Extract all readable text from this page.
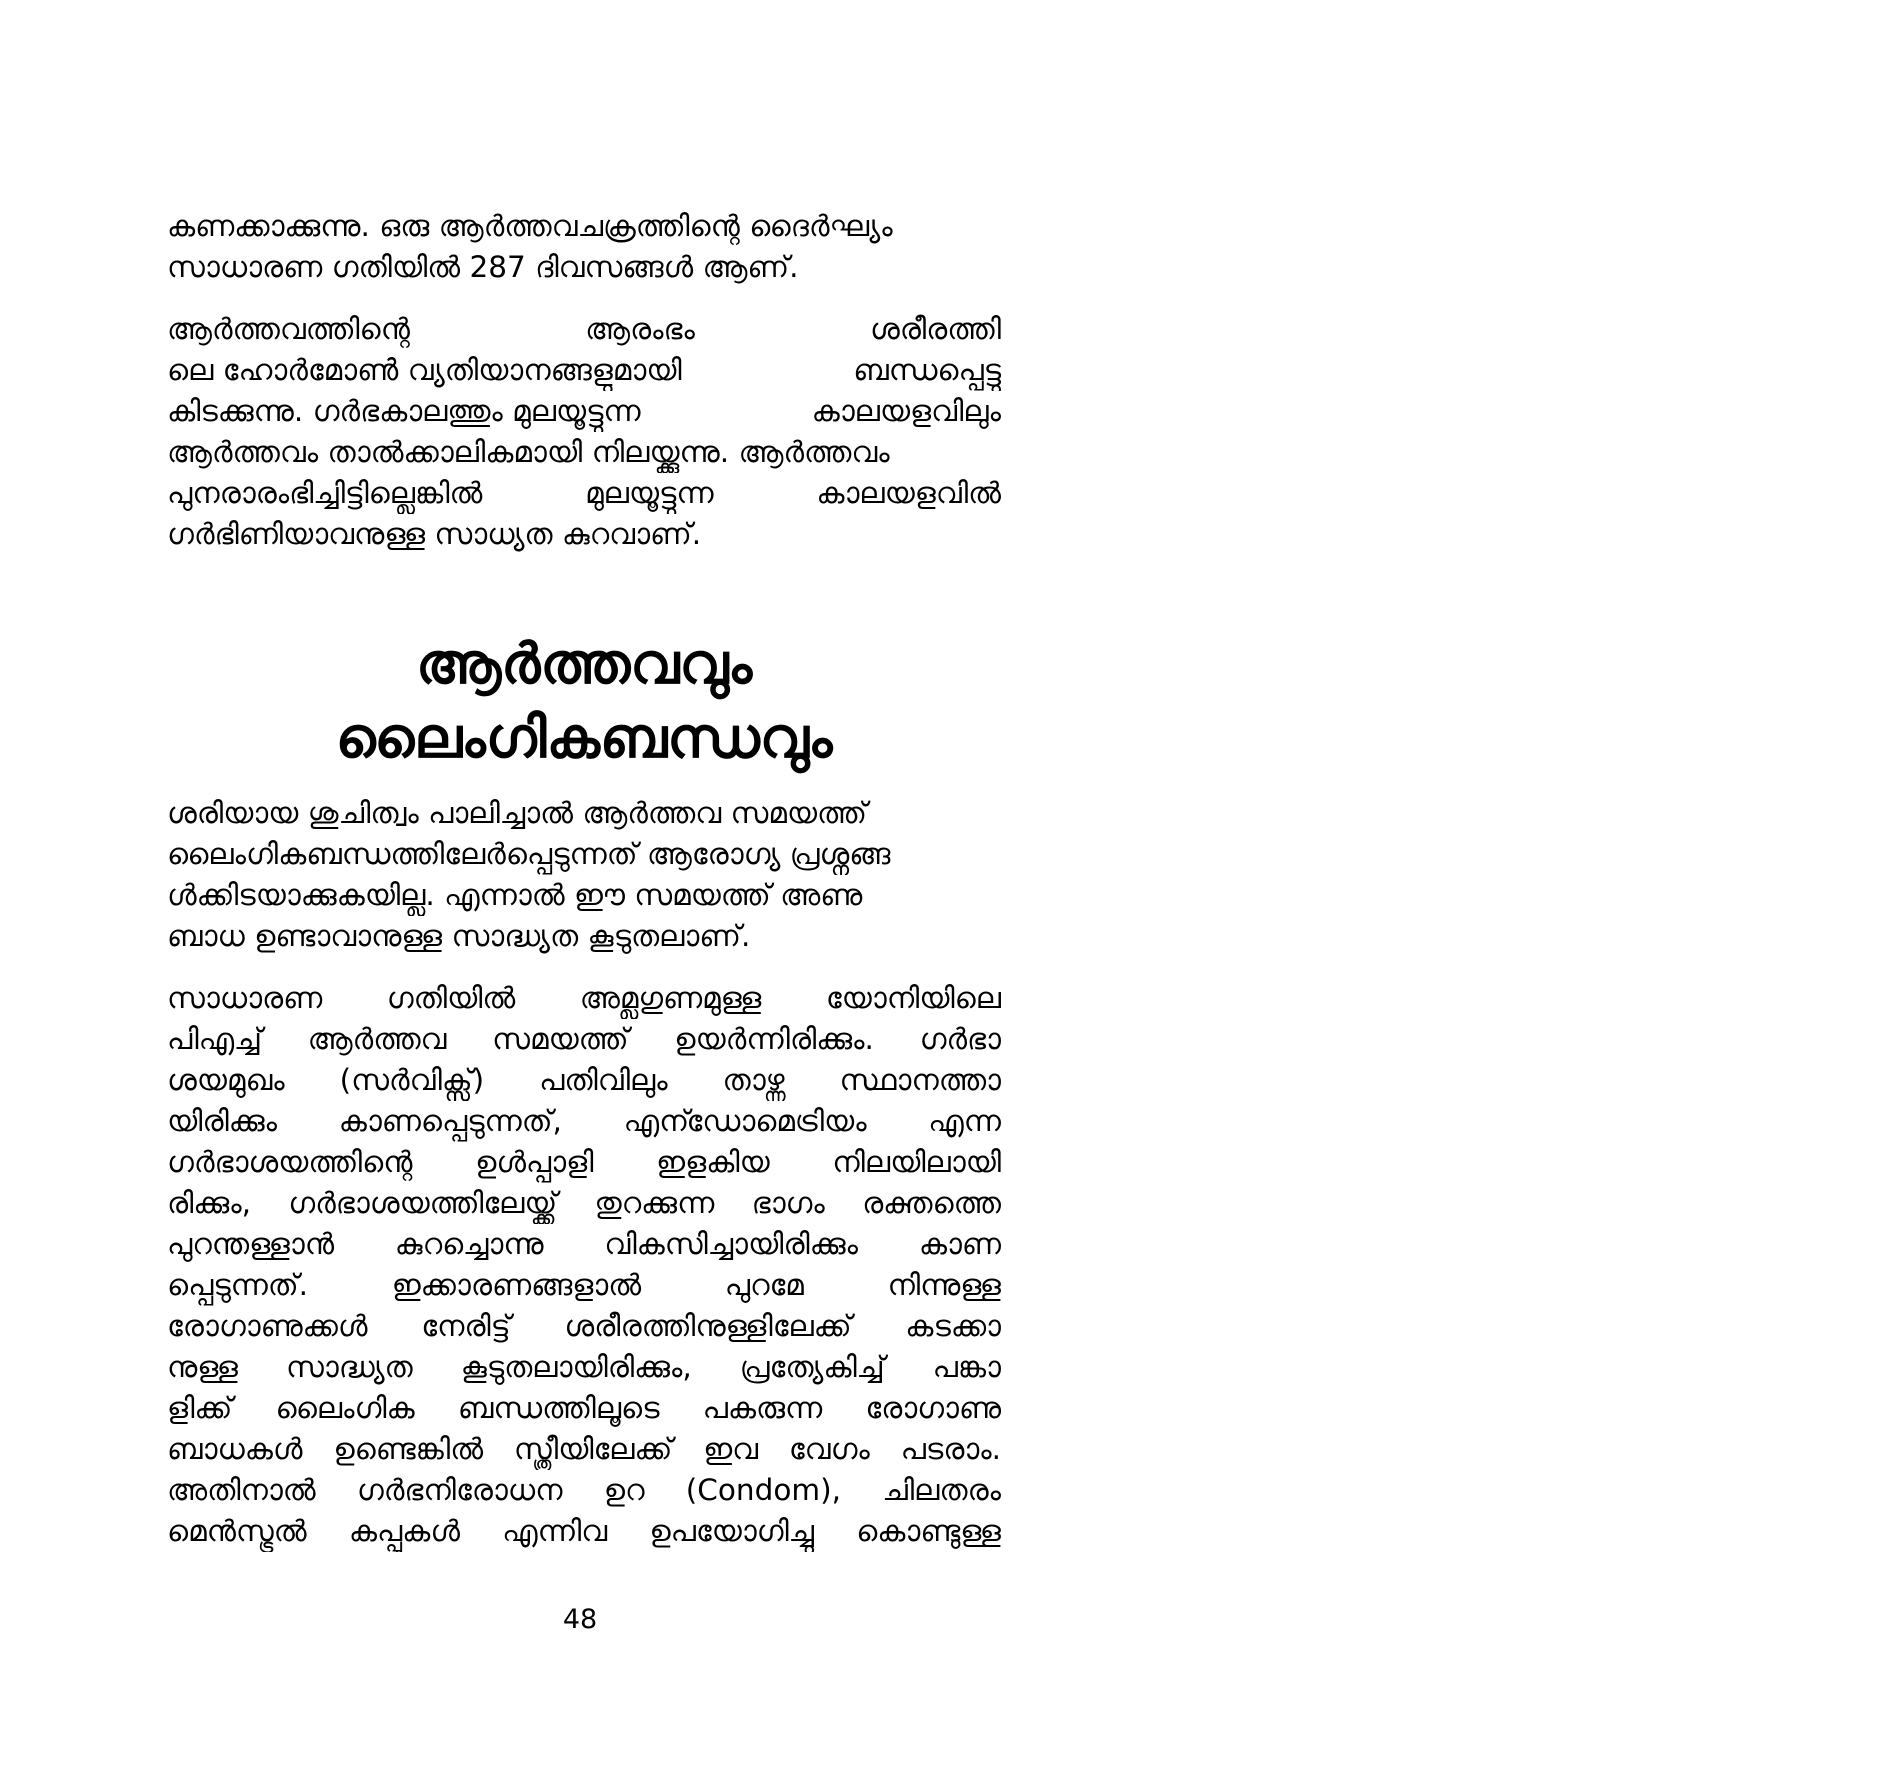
കണക്കാക്കുന്നു. ഒരു ആർത്തവചക്രത്തിന്റെ ദൈർഘ്യം
സാധാരണ ഗതിയിൽ 287 ദിവസങ്ങൾ ആണ്.

ആർത്തവത്തിന്റെ	ആരംഭം	ശരീരത്തി
ലെ ഹോർമോൺ വ്യതിയാനങ്ങളുമായി	ബന്ധപ്പെട്ടു
കിടക്കുന്നു. ഗർഭകാലത്തും മുലയൂട്ടുന്ന	കാലയളവിലും
ആർത്തവം താൽക്കാലികമായി നിലയ്ക്കുന്നു. ആർത്തവം
പുനരാരംഭിച്ചിട്ടില്ലെങ്കിൽ	മുലയൂട്ടുന്ന	കാലയളവിൽ
ഗർഭിണിയാവനുള്ള സാധ്യത കുറവാണ്.

ആർത്തവവും
ലൈംഗികബന്ധവും

ശരിയായ ശുചിത്വം പാലിച്ചാൽ ആർത്തവ സമയത്ത്
ലൈംഗികബന്ധത്തിലേർപ്പെടുന്നത് ആരോഗ്യ പ്രശ്നങ്ങ
ൾക്കിടയാക്കുകയില്ല. എന്നാൽ ഈ സമയത്ത് അണു
ബാധ ഉണ്ടാവാനുള്ള സാദ്ധ്യത കൂടുതലാണ്.

സാധാരണ ഗതിയിൽ അമ്ലഗുണമുള്ള യോനിയിലെ
പിഎച്ച് ആർത്തവ സമയത്ത് ഉയർന്നിരിക്കും. ഗർഭാ
ശയമുഖം (സർവിക്സ്) പതിവിലും താഴ്ന്ന സ്ഥാനത്താ
യിരിക്കും കാണപ്പെടുന്നത്, എന്ഡോമെട്രിയം എന്ന
ഗർഭാശയത്തിന്റെ ഉൾപ്പാളി ഇളകിയ നിലയിലായി
രിക്കും, ഗർഭാശയത്തിലേയ്ക്ക് തുറക്കുന്ന ഭാഗം രക്തത്തെ
പുറന്തള്ളാൻ കുറച്ചൊന്നു വികസിച്ചായിരിക്കും കാണ
പ്പെടുന്നത്.	ഇക്കാരണങ്ങളാൽ	പുറമേ	നിന്നുള്ള
രോഗാണുക്കൾ നേരിട്ട് ശരീരത്തിനുള്ളിലേക്ക് കടക്കാ
നുള്ള സാദ്ധ്യത കൂടുതലായിരിക്കും, പ്രത്യേകിച്ച് പങ്കാ
ളിക്ക് ലൈംഗിക ബന്ധത്തിലൂടെ പകരുന്ന രോഗാണു
ബാധകൾ ഉണ്ടെങ്കിൽ സ്ത്രീയിലേക്ക് ഇവ വേഗം പടരാം.
അതിനാൽ ഗർഭനിരോധന ഉറ (Condom), ചിലതരം
മെൻസ്ട്രൽ കപ്പുകൾ എന്നിവ ഉപയോഗിച്ചു കൊണ്ടുള്ള

48
